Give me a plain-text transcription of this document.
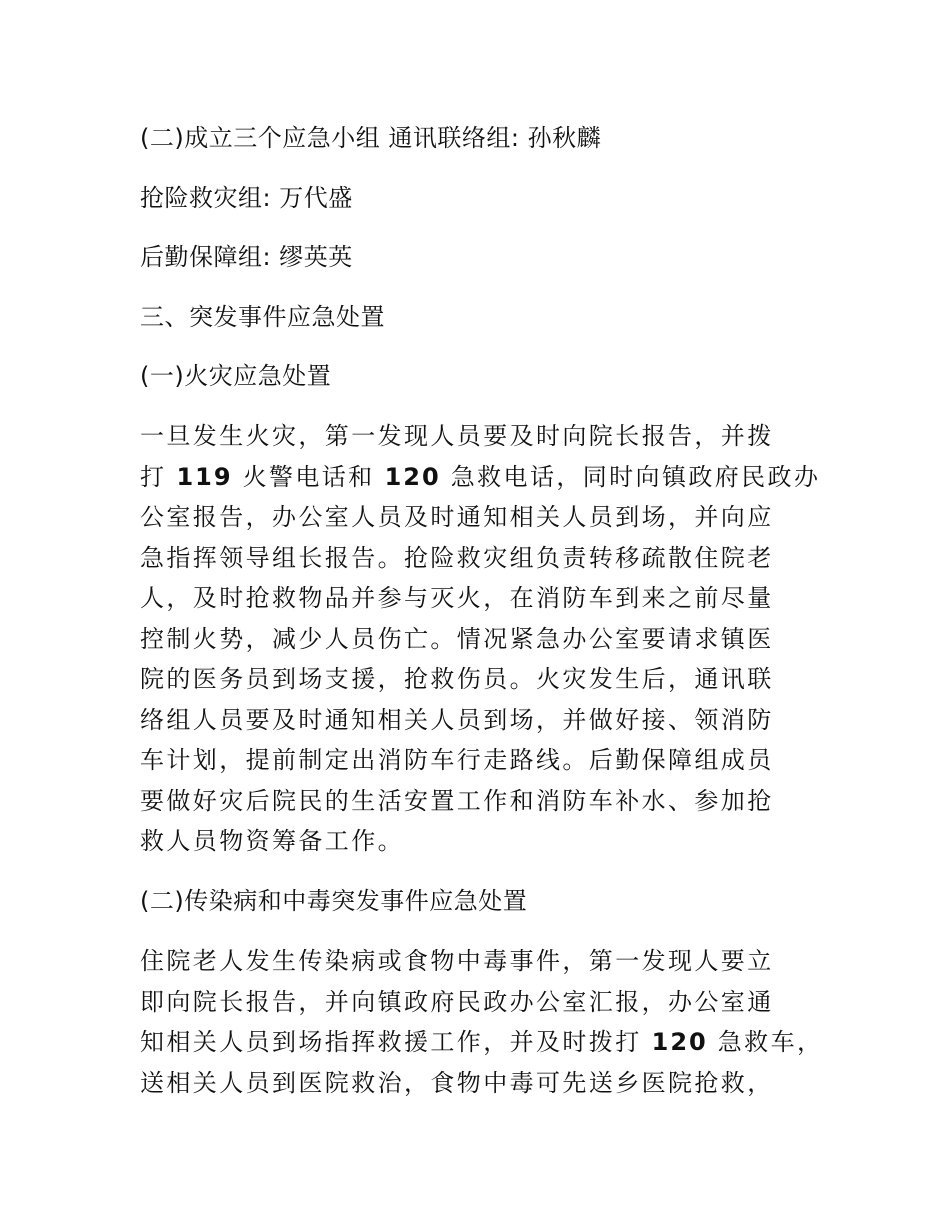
(二)成立三个应急小组 通讯联络组: 孙秋麟
抢险救灾组: 万代盛
后勤保障组: 缪英英
三、突发事件应急处置
(一)火灾应急处置
一旦发生火灾，第一发现人员要及时向院长报告，并拨
打 119 火警电话和 120 急救电话，同时向镇政府民政办
公室报告，办公室人员及时通知相关人员到场，并向应
急指挥领导组长报告。抢险救灾组负责转移疏散住院老
人，及时抢救物品并参与灭火，在消防车到来之前尽量
控制火势，减少人员伤亡。情况紧急办公室要请求镇医
院的医务员到场支援，抢救伤员。火灾发生后，通讯联
络组人员要及时通知相关人员到场，并做好接、领消防
车计划，提前制定出消防车行走路线。后勤保障组成员
要做好灾后院民的生活安置工作和消防车补水、参加抢
救人员物资筹备工作。
(二)传染病和中毒突发事件应急处置
住院老人发生传染病或食物中毒事件，第一发现人要立
即向院长报告，并向镇政府民政办公室汇报，办公室通
知相关人员到场指挥救援工作，并及时拨打 120 急救车，
送相关人员到医院救治，食物中毒可先送乡医院抢救，
